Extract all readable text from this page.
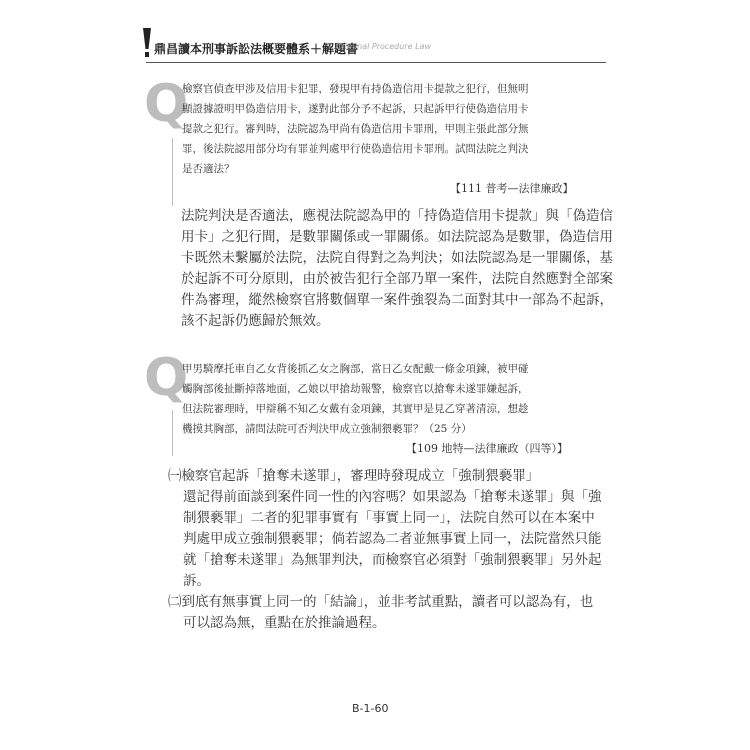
鼎昌讀本刑事訴訟法概要體系＋解題書
Criminal Procedure Law
Q

檢察官偵查甲涉及信用卡犯罪，發現甲有持偽造信用卡提款之犯行，但無明

顯證據證明甲偽造信用卡，遂對此部分予不起訴，只起訴甲行使偽造信用卡

提款之犯行。審判時，法院認為甲尚有偽造信用卡罪刑，甲則主張此部分無

罪，後法院認用部分均有罪並判處甲行使偽造信用卡罪刑。試問法院之判決

是否適法？

【111 普考—法律廉政】

法院判決是否適法，應視法院認為甲的「持偽造信用卡提款」與「偽造信

用卡」之犯行間，是數罪關係或一罪關係。如法院認為是數罪，偽造信用

卡既然未繫屬於法院，法院自得對之為判決；如法院認為是一罪關係，基

於起訴不可分原則，由於被告犯行全部乃單一案件，法院自然應對全部案

件為審理，縱然檢察官將數個單一案件強裂為二面對其中一部為不起訴，

該不起訴仍應歸於無效。

Q

甲男騎摩托車自乙女背後抓乙女之胸部，當日乙女配戴一條金項鍊，被甲碰

觸胸部後扯斷掉落地面，乙娘以甲搶劫報警，檢察官以搶奪未遂罪嫌起訴，

但法院審理時，甲辯稱不知乙女戴有金項鍊，其實甲是見乙穿著清涼，想趁

機摸其胸部，請問法院可否判決甲成立強制猥褻罪？（25 分）

【109 地特—法律廉政（四等）】

㈠檢察官起訴「搶奪未遂罪」，審理時發現成立「強制猥褻罪」

還記得前面談到案件同一性的內容嗎？如果認為「搶奪未遂罪」與「強

制猥褻罪」二者的犯罪事實有「事實上同一」，法院自然可以在本案中

判處甲成立強制猥褻罪；倘若認為二者並無事實上同一，法院當然只能

就「搶奪未遂罪」為無罪判決，而檢察官必須對「強制猥褻罪」另外起

訴。

㈡到底有無事實上同一的「結論」，並非考試重點，讀者可以認為有，也

可以認為無，重點在於推論過程。

B-1-60
